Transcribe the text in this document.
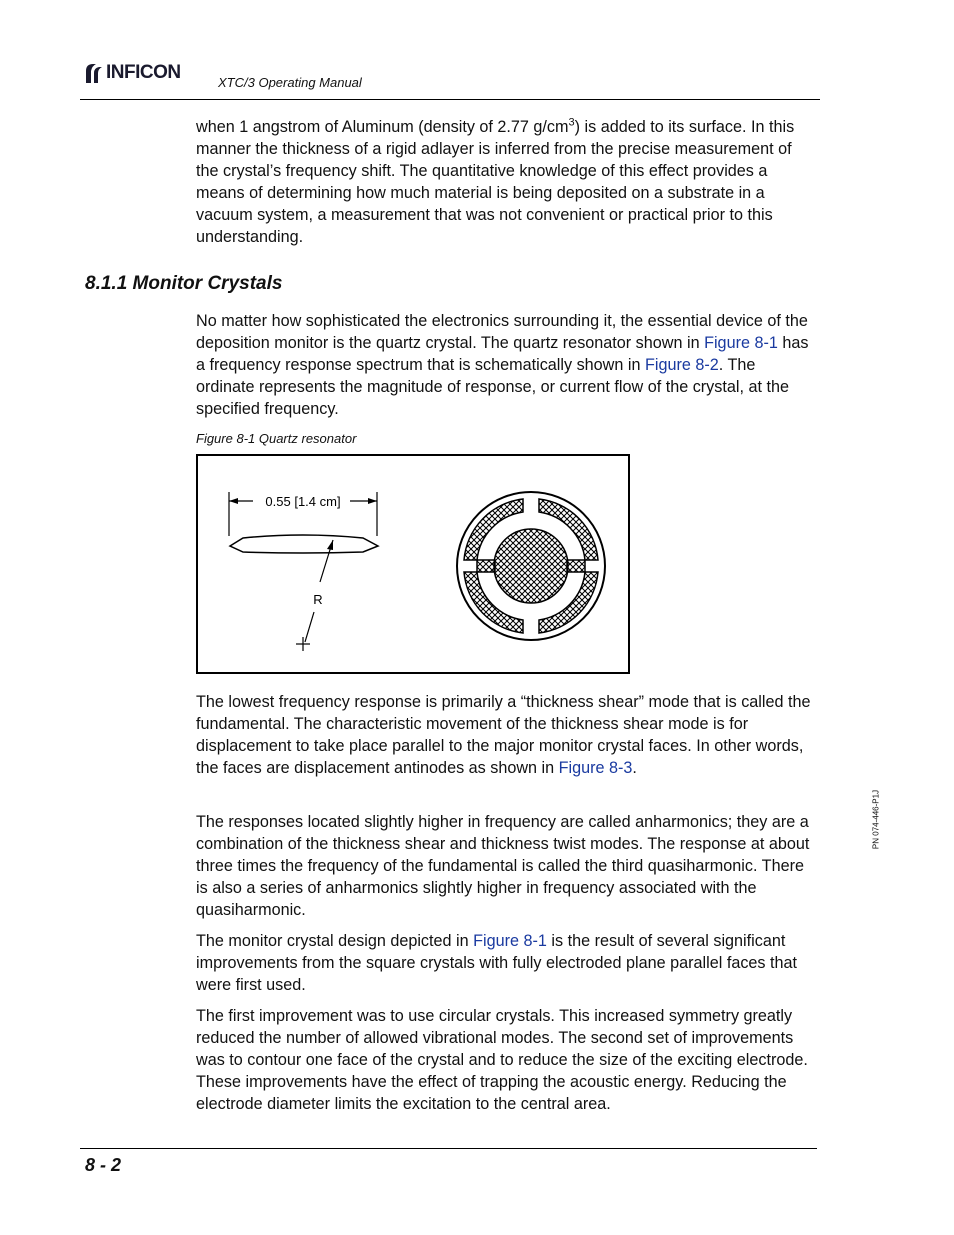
INFICON	XTC/3 Operating Manual

when 1 angstrom of Aluminum (density of 2.77 $g/cm^3$) is added to its surface. In this manner the thickness of a rigid adlayer is inferred from the precise measurement of the crystal’s frequency shift. The quantitative knowledge of this effect provides a means of determining how much material is being deposited on a substrate in a vacuum system, a measurement that was not convenient or practical prior to this understanding.

8.1.1 Monitor Crystals

No matter how sophisticated the electronics surrounding it, the essential device of the deposition monitor is the quartz crystal. The quartz resonator shown in Figure 8-1 has a frequency response spectrum that is schematically shown in Figure 8-2. The ordinate represents the magnitude of response, or current flow of the crystal, at the specified frequency.

Figure 8-1 Quartz resonator
0.55 [1.4 cm]
R

The lowest frequency response is primarily a “thickness shear” mode that is called the fundamental. The characteristic movement of the thickness shear mode is for displacement to take place parallel to the major monitor crystal faces. In other words, the faces are displacement antinodes as shown in Figure 8-3.

The responses located slightly higher in frequency are called anharmonics; they are a combination of the thickness shear and thickness twist modes. The response at about three times the frequency of the fundamental is called the third quasiharmonic. There is also a series of anharmonics slightly higher in frequency associated with the quasiharmonic.

The monitor crystal design depicted in Figure 8-1 is the result of several significant improvements from the square crystals with fully electroded plane parallel faces that were first used.

The first improvement was to use circular crystals. This increased symmetry greatly reduced the number of allowed vibrational modes. The second set of improvements was to contour one face of the crystal and to reduce the size of the exciting electrode. These improvements have the effect of trapping the acoustic energy. Reducing the electrode diameter limits the excitation to the central area.

PN 074-446-P1J
8 - 2
